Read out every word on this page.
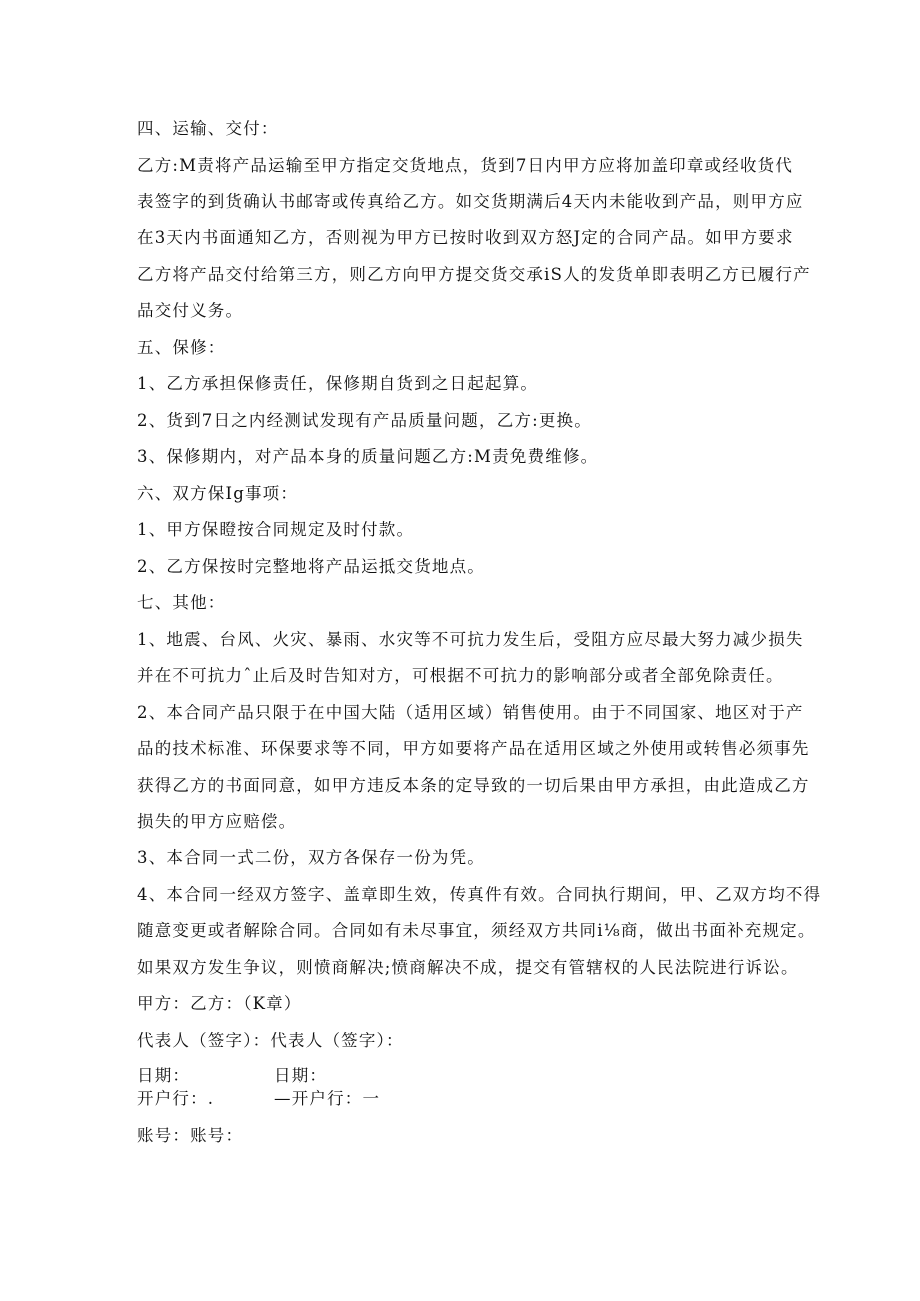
四、运输、交付：
乙方:M责将产品运输至甲方指定交货地点，货到7日内甲方应将加盖印章或经收货代
表签字的到货确认书邮寄或传真给乙方。如交货期满后4天内未能收到产品，则甲方应
在3天内书面通知乙方，否则视为甲方已按时收到双方怒J定的合同产品。如甲方要求
乙方将产品交付给第三方，则乙方向甲方提交货交承iS人的发货单即表明乙方已履行产
品交付义务。
五、保修：
1、乙方承担保修责任，保修期自货到之日起起算。
2、货到7日之内经测试发现有产品质量问题，乙方:更换。
3、保修期内，对产品本身的质量问题乙方:M责免费维修。
六、双方保Ig事项：
1、甲方保瞪按合同规定及时付款。
2、乙方保按时完整地将产品运抵交货地点。
七、其他：
1、地震、台风、火灾、暴雨、水灾等不可抗力发生后，受阻方应尽最大努力减少损失
并在不可抗力ˆ止后及时告知对方，可根据不可抗力的影响部分或者全部免除责任。
2、本合同产品只限于在中国大陆（适用区域）销售使用。由于不同国家、地区对于产
品的技术标准、环保要求等不同，甲方如要将产品在适用区域之外使用或转售必须事先
获得乙方的书面同意，如甲方违反本条的定导致的一切后果由甲方承担，由此造成乙方
损失的甲方应赔偿。
3、本合同一式二份，双方各保存一份为凭。
4、本合同一经双方签字、盖章即生效，传真件有效。合同执行期间，甲、乙双方均不得
随意变更或者解除合同。合同如有未尽事宜，须经双方共同i⅛商，做出书面补充规定。
如果双方发生争议，则愤商解决;愤商解决不成，提交有管辖权的人民法院进行诉讼。
甲方：乙方：（K章）
代表人（签字）：代表人（签字）：
日期：	日期：
开户行：.	—开户行：一
账号：账号：
